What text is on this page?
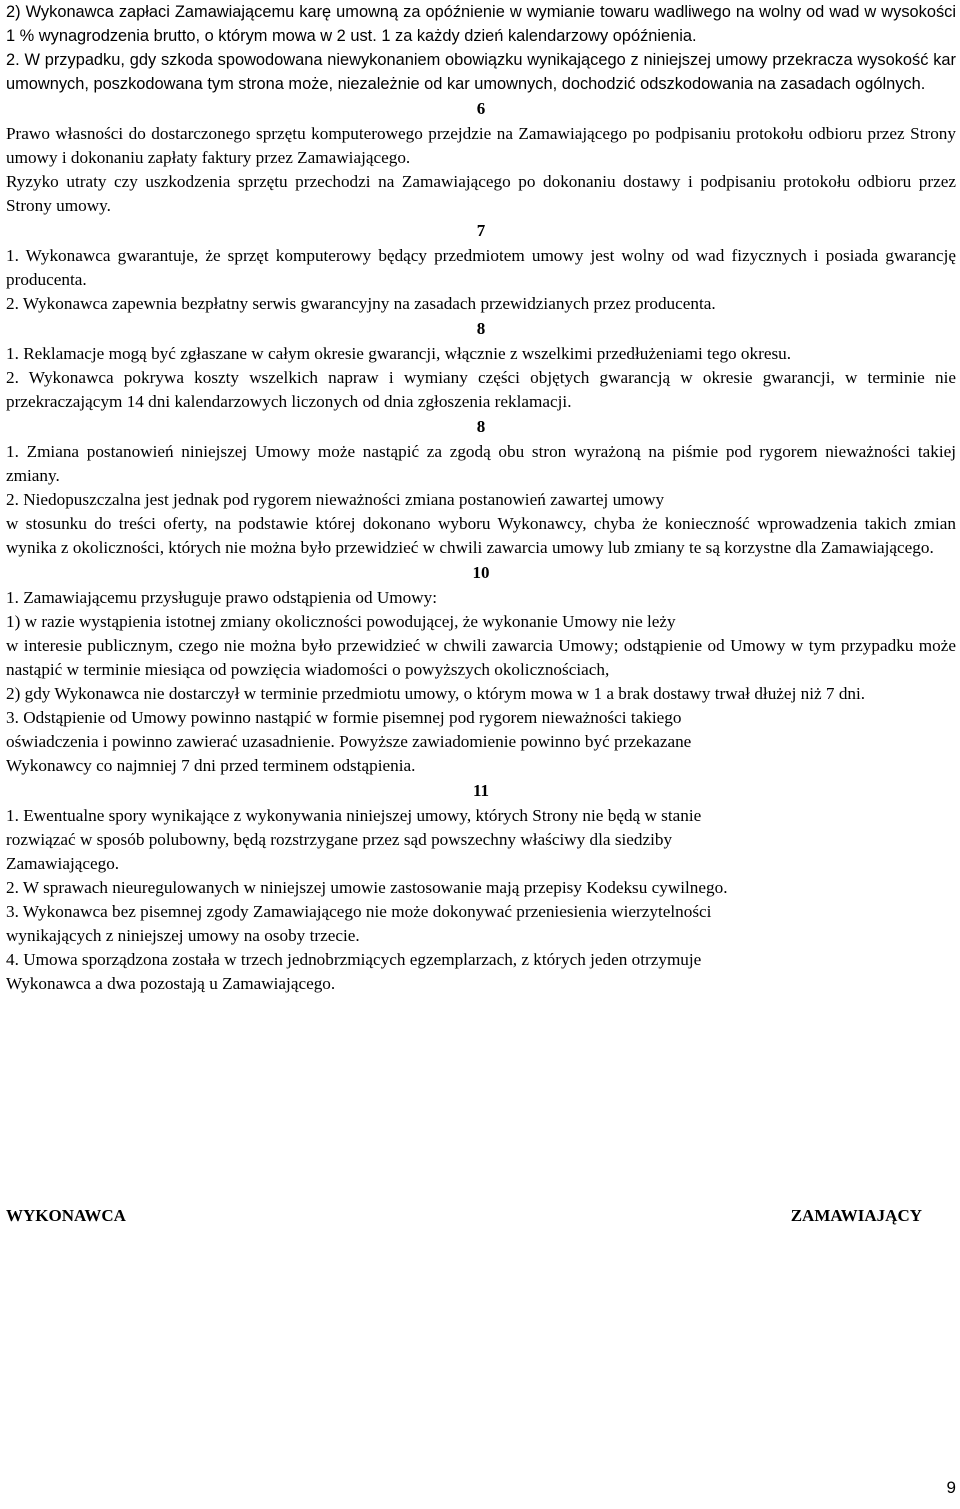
2) Wykonawca zapłaci Zamawiającemu karę umowną za opóźnienie w wymianie towaru wadliwego na wolny od wad w wysokości 1 % wynagrodzenia brutto, o którym mowa w 2 ust. 1 za każdy dzień kalendarzowy opóźnienia.

2. W przypadku, gdy szkoda spowodowana niewykonaniem obowiązku wynikającego z niniejszej umowy przekracza wysokość kar umownych, poszkodowana tym strona może, niezależnie od kar umownych, dochodzić odszkodowania na zasadach ogólnych.

6

Prawo własności do dostarczonego sprzętu komputerowego przejdzie na Zamawiającego po podpisaniu protokołu odbioru przez Strony umowy i dokonaniu zapłaty faktury przez Zamawiającego.

Ryzyko utraty czy uszkodzenia sprzętu przechodzi na Zamawiającego po dokonaniu dostawy i podpisaniu protokołu odbioru przez Strony umowy.

7

1. Wykonawca gwarantuje, że sprzęt komputerowy będący przedmiotem umowy jest wolny od wad fizycznych i posiada gwarancję producenta.

2. Wykonawca zapewnia bezpłatny serwis gwarancyjny na zasadach przewidzianych przez producenta.

8

1. Reklamacje mogą być zgłaszane w całym okresie gwarancji, włącznie z wszelkimi przedłużeniami tego okresu.

2. Wykonawca pokrywa koszty wszelkich napraw i wymiany części objętych gwarancją w okresie gwarancji, w terminie nie przekraczającym 14 dni kalendarzowych liczonych od dnia zgłoszenia reklamacji.

8

1. Zmiana postanowień niniejszej Umowy może nastąpić za zgodą obu stron wyrażoną na piśmie pod rygorem nieważności takiej zmiany.

2. Niedopuszczalna jest jednak pod rygorem nieważności zmiana postanowień zawartej umowy

w stosunku do treści oferty, na podstawie której dokonano wyboru Wykonawcy, chyba że konieczność wprowadzenia takich zmian wynika z okoliczności, których nie można było przewidzieć w chwili zawarcia umowy lub zmiany te są korzystne dla Zamawiającego.

10

1. Zamawiającemu przysługuje prawo odstąpienia od Umowy:

1) w razie wystąpienia istotnej zmiany okoliczności powodującej, że wykonanie Umowy nie leży

w interesie publicznym, czego nie można było przewidzieć w chwili zawarcia Umowy; odstąpienie od Umowy w tym przypadku może nastąpić w terminie miesiąca od powzięcia wiadomości o powyższych okolicznościach,

2) gdy Wykonawca nie dostarczył w terminie przedmiotu umowy, o którym mowa w 1 a brak dostawy trwał dłużej niż 7 dni.

3. Odstąpienie od Umowy powinno nastąpić w formie pisemnej pod rygorem nieważności takiego

oświadczenia i powinno zawierać uzasadnienie. Powyższe zawiadomienie powinno być przekazane

Wykonawcy co najmniej 7 dni przed terminem odstąpienia.

11

1. Ewentualne spory wynikające z wykonywania niniejszej umowy, których Strony nie będą w stanie

rozwiązać w sposób polubowny, będą rozstrzygane przez sąd powszechny właściwy dla siedziby

Zamawiającego.

2. W sprawach nieuregulowanych w niniejszej umowie zastosowanie mają przepisy Kodeksu cywilnego.

3. Wykonawca bez pisemnej zgody Zamawiającego nie może dokonywać przeniesienia wierzytelności

wynikających z niniejszej umowy na osoby trzecie.

4. Umowa sporządzona została w trzech jednobrzmiących egzemplarzach, z których jeden otrzymuje

Wykonawca a dwa pozostają u Zamawiającego.

WYKONAWCA	ZAMAWIAJĄCY
9
